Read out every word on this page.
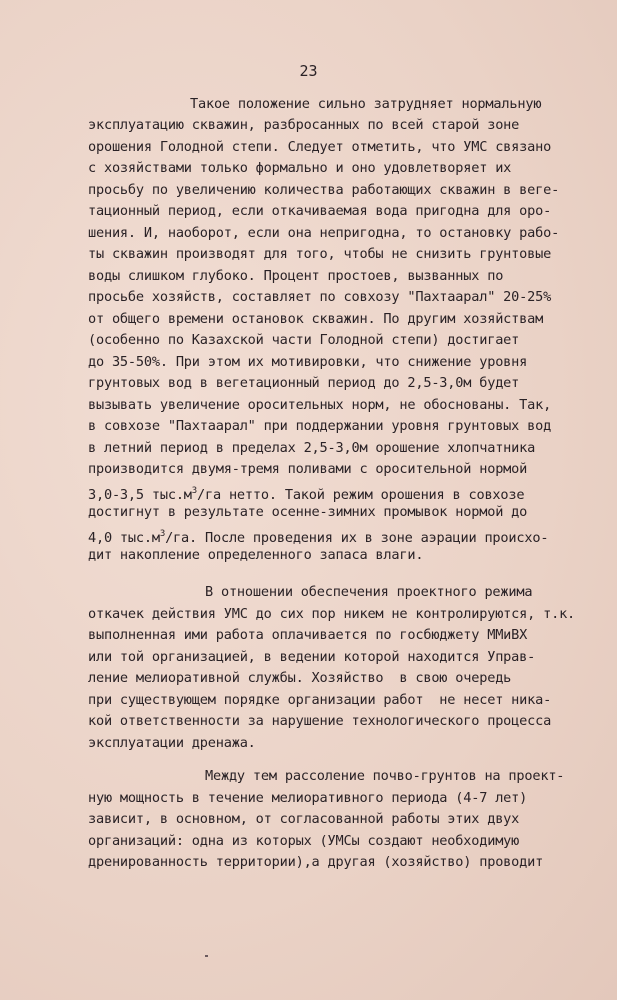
23
Такое положение сильно затрудняет нормальную
эксплуатацию скважин, разбросанных по всей старой зоне
орошения Голодной степи. Следует отметить, что УМС связано
с хозяйствами только формально и оно удовлетворяет их
просьбу по увеличению количества работающих скважин в веге-
тационный период, если откачиваемая вода пригодна для оро-
шения. И, наоборот, если она непригодна, то остановку рабо-
ты скважин производят для того, чтобы не снизить грунтовые
воды слишком глубоко. Процент простоев, вызванных по
просьбе хозяйств, составляет по совхозу "Пахтаарал" 20-25%
от общего времени остановок скважин. По другим хозяйствам
(особенно по Казахской части Голодной степи) достигает
до 35-50%. При этом их мотивировки, что снижение уровня
грунтовых вод в вегетационный период до 2,5-3,0м будет
вызывать увеличение оросительных норм, не обоснованы. Так,
в совхозе "Пахтаарал" при поддержании уровня грунтовых вод
в летний период в пределах 2,5-3,0м орошение хлопчатника
производится двумя-тремя поливами с оросительной нормой
3,0-3,5 $тыс.м^3/га$ нетто. Такой режим орошения в совхозе
достигнут в результате осенне-зимних промывок нормой до
4,0 $тыс.м^3/га$. После проведения их в зоне аэрации происхо-
дит накопление определенного запаса влаги.
В отношении обеспечения проектного режима
откачек действия УМС до сих пор никем не контролируются, т.к.
выполненная ими работа оплачивается по госбюджету ММиВХ
или той организацией, в ведении которой находится Управ-
ление мелиоративной службы. Хозяйство  в свою очередь
при существующем порядке организации работ  не несет ника-
кой ответственности за нарушение технологического процесса
эксплуатации дренажа.
Между тем рассоление почво-грунтов на проект-
ную мощность в течение мелиоративного периода (4-7 лет)
зависит, в основном, от согласованной работы этих двух
организаций: одна из которых (УМСы создают необходимую
дренированность территории),а другая (хозяйство) проводит
